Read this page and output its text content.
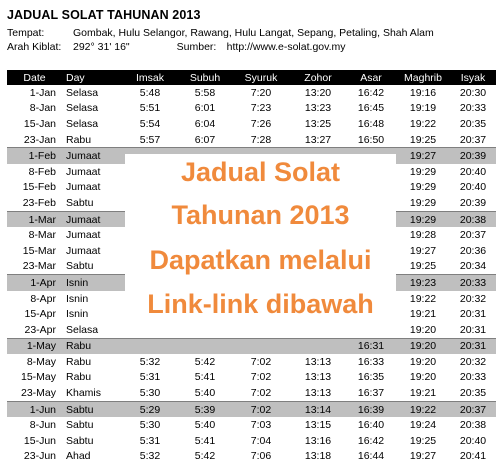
JADUAL SOLAT TAHUNAN 2013
Tempat:	Gombak, Hulu Selangor, Rawang, Hulu Langat, Sepang, Petaling, Shah Alam
Arah Kiblat: 292° 31' 16"	Sumber: http://www.e-solat.gov.my
Date	Day	Imsak	Subuh	Syuruk	Zohor	Asar	Maghrib	Isyak
1-Jan	Selasa	5:48	5:58	7:20	13:20	16:42	19:16	20:30
8-Jan	Selasa	5:51	6:01	7:23	13:23	16:45	19:19	20:33
15-Jan	Selasa	5:54	6:04	7:26	13:25	16:48	19:22	20:35
23-Jan	Rabu	5:57	6:07	7:28	13:27	16:50	19:25	20:37
1-Feb	Jumaat						19:27	20:39
8-Feb	Jumaat						19:29	20:40
15-Feb	Jumaat						19:29	20:40
23-Feb	Sabtu						19:29	20:39
1-Mar	Jumaat						19:29	20:38
8-Mar	Jumaat						19:28	20:37
15-Mar	Jumaat						19:27	20:36
23-Mar	Sabtu						19:25	20:34
1-Apr	Isnin						19:23	20:33
8-Apr	Isnin						19:22	20:32
15-Apr	Isnin						19:21	20:31
23-Apr	Selasa						19:20	20:31
1-May	Rabu					16:31	19:20	20:31
8-May	Rabu	5:32	5:42	7:02	13:13	16:33	19:20	20:32
15-May	Rabu	5:31	5:41	7:02	13:13	16:35	19:20	20:33
23-May	Khamis	5:30	5:40	7:02	13:13	16:37	19:21	20:35
1-Jun	Sabtu	5:29	5:39	7:02	13:14	16:39	19:22	20:37
8-Jun	Sabtu	5:30	5:40	7:03	13:15	16:40	19:24	20:38
15-Jun	Sabtu	5:31	5:41	7:04	13:16	16:42	19:25	20:40
23-Jun	Ahad	5:32	5:42	7:06	13:18	16:44	19:27	20:41
Jadual Solat
Tahunan 2013
Dapatkan melalui
Link-link dibawah
